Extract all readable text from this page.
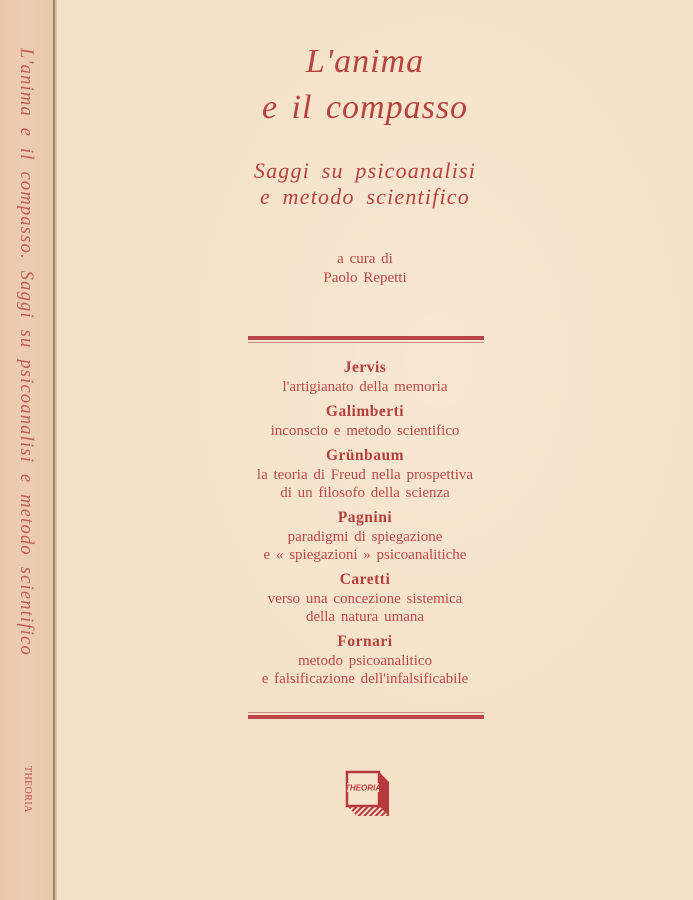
L'anima e il compasso. Saggi su psicoanalisi e metodo scientifico
THEORIA
L'anima
e il compasso
Saggi su psicoanalisi
e metodo scientifico
a cura di
Paolo Repetti
Jervis
l'artigianato della memoria
Galimberti
inconscio e metodo scientifico
Grünbaum
la teoria di Freud nella prospettiva
di un filosofo della scienza
Pagnini
paradigmi di spiegazione
e « spiegazioni » psicoanalitiche
Caretti
verso una concezione sistemica
della natura umana
Fornari
metodo psicoanalitico
e falsificazione dell'infalsificabile
THEORIA
